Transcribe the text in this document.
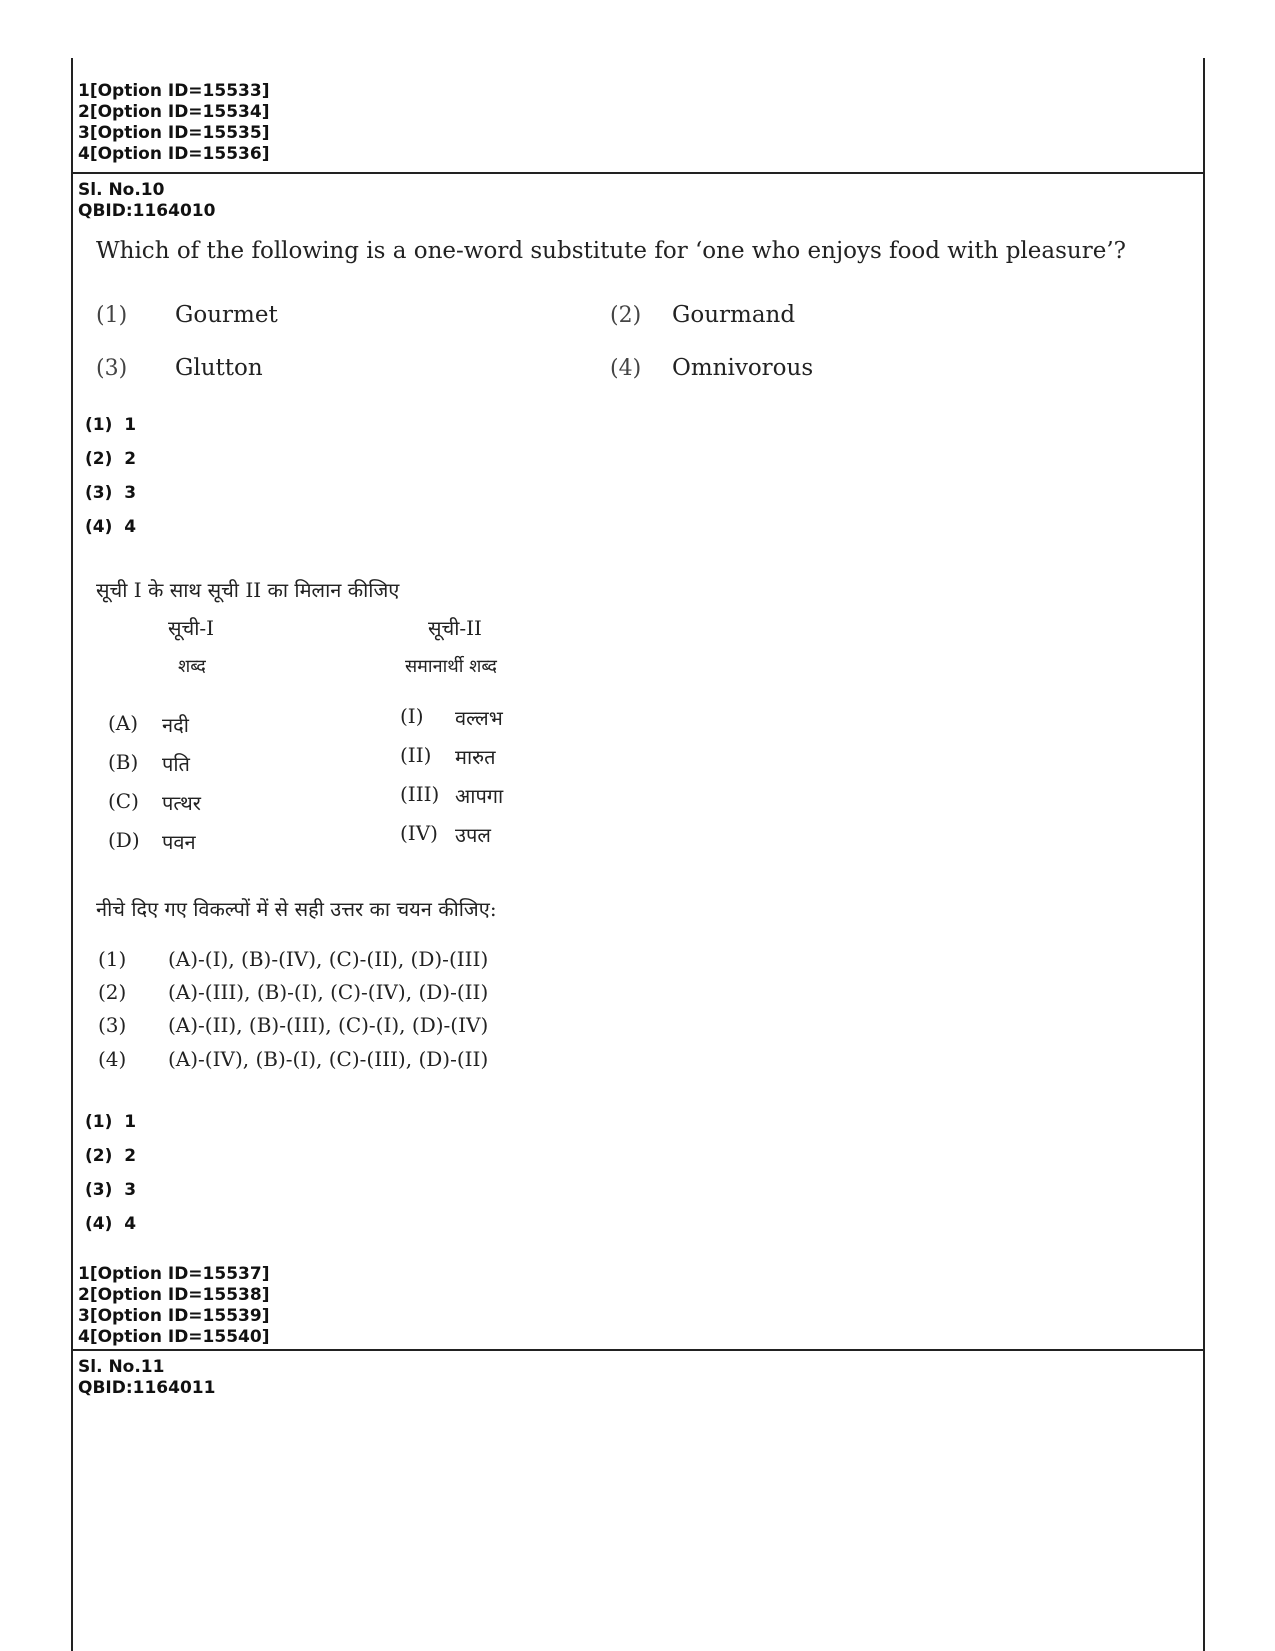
1[Option ID=15533]
2[Option ID=15534]
3[Option ID=15535]
4[Option ID=15536]
Sl. No.10
QBID:1164010
Which of the following is a one-word substitute for ‘one who enjoys food with pleasure’?
(1) Gourmet	(2) Gourmand
(3) Glutton	(4) Omnivorous
(1) 1
(2) 2
(3) 3
(4) 4
सूची I के साथ सूची II का मिलान कीजिए
सूची-I
शब्द
सूची-II
समानार्थी शब्द
(A) नदी
(B) पति
(C) पत्थर
(D) पवन
(I) वल्लभ
(II) मारुत
(III) आपगा
(IV) उपल
नीचे दिए गए विकल्पों में से सही उत्तर का चयन कीजिए:
(1) (A)-(I), (B)-(IV), (C)-(II), (D)-(III)
(2) (A)-(III), (B)-(I), (C)-(IV), (D)-(II)
(3) (A)-(II), (B)-(III), (C)-(I), (D)-(IV)
(4) (A)-(IV), (B)-(I), (C)-(III), (D)-(II)
(1) 1
(2) 2
(3) 3
(4) 4
1[Option ID=15537]
2[Option ID=15538]
3[Option ID=15539]
4[Option ID=15540]
Sl. No.11
QBID:1164011
